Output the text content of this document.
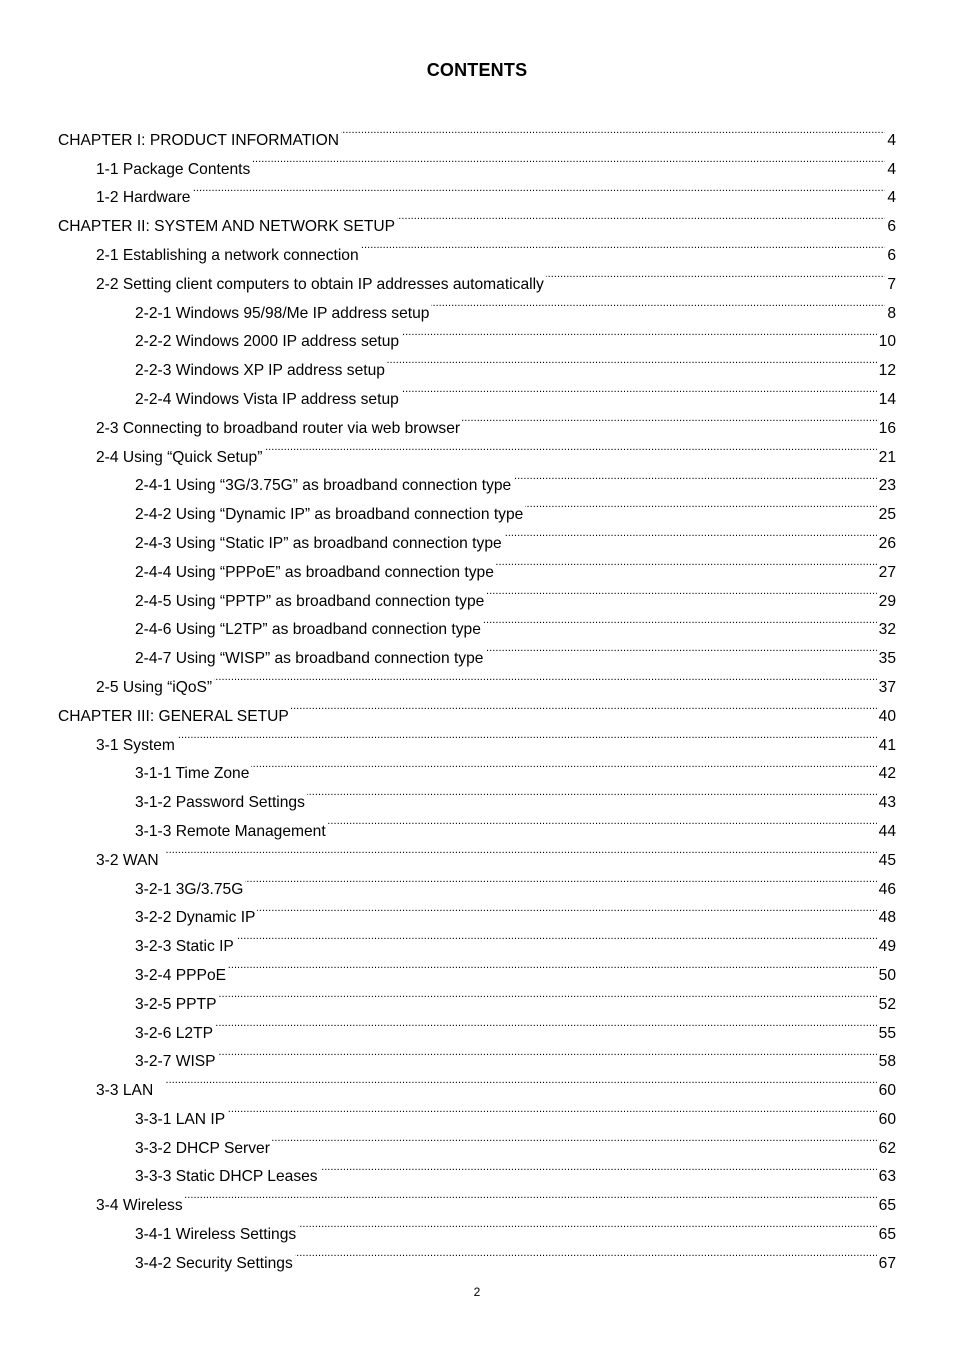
CONTENTS
CHAPTER I: PRODUCT INFORMATION . . .	4
1-1 Package Contents . . .	4
1-2 Hardware . . .	4
CHAPTER II: SYSTEM AND NETWORK SETUP . . .	6
2-1 Establishing a network connection . . .	6
2-2 Setting client computers to obtain IP addresses automatically . . .	7
2-2-1 Windows 95/98/Me IP address setup . . .	8
2-2-2 Windows 2000 IP address setup . . .	10
2-2-3 Windows XP IP address setup . . .	12
2-2-4 Windows Vista IP address setup . . .	14
2-3 Connecting to broadband router via web browser . . .	16
2-4 Using “Quick Setup” . . .	21
2-4-1 Using “3G/3.75G” as broadband connection type . . .	23
2-4-2 Using “Dynamic IP” as broadband connection type . . .	25
2-4-3 Using “Static IP” as broadband connection type . . .	26
2-4-4 Using “PPPoE” as broadband connection type . . .	27
2-4-5 Using “PPTP” as broadband connection type . . .	29
2-4-6 Using “L2TP” as broadband connection type . . .	32
2-4-7 Using “WISP” as broadband connection type . . .	35
2-5 Using “iQoS” . . .	37
CHAPTER III: GENERAL SETUP . . .	40
3-1 System . . .	41
3-1-1 Time Zone . . .	42
3-1-2 Password Settings . . .	43
3-1-3 Remote Management . . .	44
3-2 WAN . . .	45
3-2-1 3G/3.75G . . .	46
3-2-2 Dynamic IP . . .	48
3-2-3 Static IP . . .	49
3-2-4 PPPoE . . .	50
3-2-5 PPTP . . .	52
3-2-6 L2TP . . .	55
3-2-7 WISP . . .	58
3-3 LAN . . .	60
3-3-1 LAN IP . . .	60
3-3-2 DHCP Server . . .	62
3-3-3 Static DHCP Leases . . .	63
3-4 Wireless . . .	65
3-4-1 Wireless Settings . . .	65
3-4-2 Security Settings . . .	67
2
